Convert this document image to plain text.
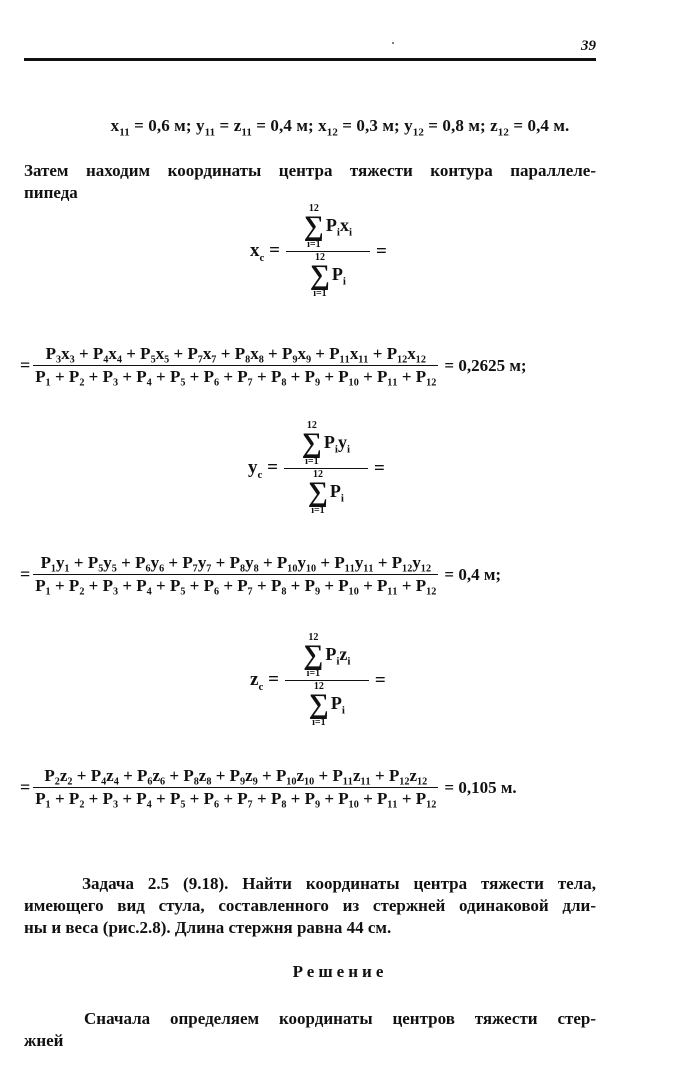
39
$x_{11} = 0,6$ м; $y_{11} = z_{11} = 0,4$ м; $x_{12} = 0,3$ м; $y_{12} = 0,8$ м; $z_{12} = 0,4$ м.
Затем находим координаты центра тяжести контура параллеле-
пипеда
$x_c = 12$
∑
i=1
$P_ix_i$
12
∑
i=1
$P_i$ =
= $\frac{\text{P₃x₃ + P₄x₄ + P₅x₅ + P₇x₇ + P₈x₈ + P₉x₉ + P₁₁x₁₁ + P₁₂x₁₂}}{\text{P₁ + P₂ + P₃ + P₄ + P₅ + P₆ + P₇ + P₈ + P₉ + P₁₀ + P₁₁ + P₁₂}} = 0,2625$ м;
$y_c = 12$
∑
i=1
$P_iy_i$
12
∑
i=1
$P_i$ =
= $\frac{\text{P₁y₁ + P₅y₅ + P₆y₆ + P₇y₇ + P₈y₈ + P₁₀y₁₀ + P₁₁y₁₁ + P₁₂y₁₂}}{\text{P₁ + P₂ + P₃ + P₄ + P₅ + P₆ + P₇ + P₈ + P₉ + P₁₀ + P₁₁ + P₁₂}} = 0,4$ м;
$z_c = 12$
∑
i=1
$P_iz_i$
12
∑
i=1
$P_i$ =
= $\frac{\text{P₂z₂ + P₄z₄ + P₆z₆ + P₈z₈ + P₉z₉ + P₁₀z₁₀ + P₁₁z₁₁ + P₁₂z₁₂}}{\text{P₁ + P₂ + P₃ + P₄ + P₅ + P₆ + P₇ + P₈ + P₉ + P₁₀ + P₁₁ + P₁₂}} = 0,105$ м.
Задача 2.5 (9.18). Найти координаты центра тяжести тела,
имеющего вид стула, составленного из стержней одинаковой дли-
ны и веса (рис.2.8). Длина стержня равна 44 см.
Решение
Сначала определяем координаты центров тяжести стер-
жней
